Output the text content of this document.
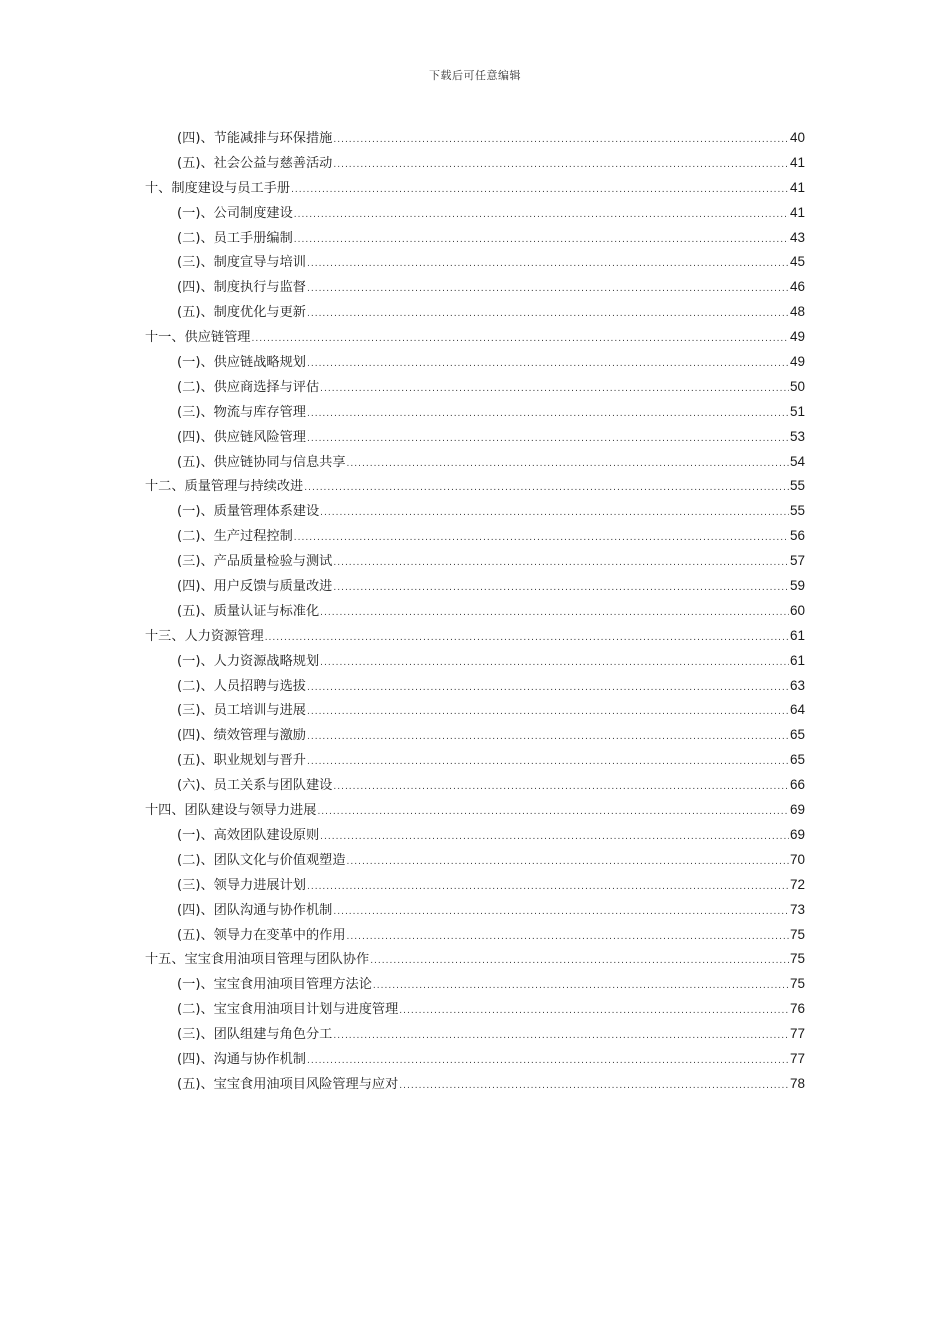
下载后可任意编辑
(四)、节能减排与环保措施 .....	40
(五)、社会公益与慈善活动 .....	41
十、制度建设与员工手册 .....	41
(一)、公司制度建设 .....	41
(二)、员工手册编制 .....	43
(三)、制度宣导与培训 .....	45
(四)、制度执行与监督 .....	46
(五)、制度优化与更新 .....	48
十一、供应链管理 .....	49
(一)、供应链战略规划 .....	49
(二)、供应商选择与评估 .....	50
(三)、物流与库存管理 .....	51
(四)、供应链风险管理 .....	53
(五)、供应链协同与信息共享 .....	54
十二、质量管理与持续改进 .....	55
(一)、质量管理体系建设 .....	55
(二)、生产过程控制 .....	56
(三)、产品质量检验与测试 .....	57
(四)、用户反馈与质量改进 .....	59
(五)、质量认证与标准化 .....	60
十三、人力资源管理 .....	61
(一)、人力资源战略规划 .....	61
(二)、人员招聘与选拔 .....	63
(三)、员工培训与进展 .....	64
(四)、绩效管理与激励 .....	65
(五)、职业规划与晋升 .....	65
(六)、员工关系与团队建设 .....	66
十四、团队建设与领导力进展 .....	69
(一)、高效团队建设原则 .....	69
(二)、团队文化与价值观塑造 .....	70
(三)、领导力进展计划 .....	72
(四)、团队沟通与协作机制 .....	73
(五)、领导力在变革中的作用 .....	75
十五、宝宝食用油项目管理与团队协作 .....	75
(一)、宝宝食用油项目管理方法论 .....	75
(二)、宝宝食用油项目计划与进度管理 .....	76
(三)、团队组建与角色分工 .....	77
(四)、沟通与协作机制 .....	77
(五)、宝宝食用油项目风险管理与应对 .....	78
